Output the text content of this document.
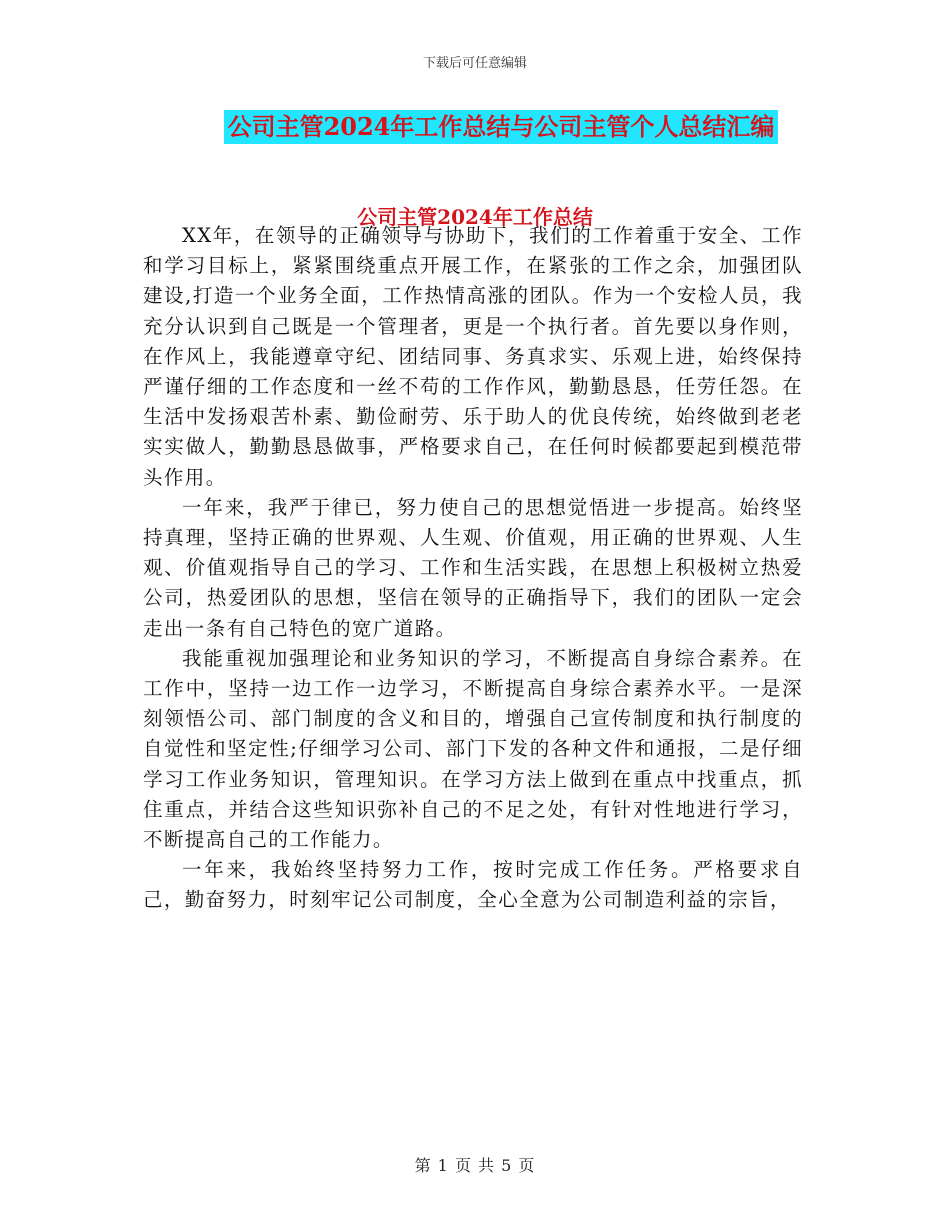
下载后可任意编辑
公司主管2024年工作总结与公司主管个人总结汇编
公司主管2024年工作总结

XX年，在领导的正确领导与协助下，我们的工作着重于安全、工作和学习目标上，紧紧围绕重点开展工作，在紧张的工作之余，加强团队建设,打造一个业务全面，工作热情高涨的团队。作为一个安检人员，我充分认识到自己既是一个管理者，更是一个执行者。首先要以身作则，在作风上，我能遵章守纪、团结同事、务真求实、乐观上进，始终保持严谨仔细的工作态度和一丝不苟的工作作风，勤勤恳恳，任劳任怨。在生活中发扬艰苦朴素、勤俭耐劳、乐于助人的优良传统，始终做到老老实实做人，勤勤恳恳做事，严格要求自己，在任何时候都要起到模范带头作用。

一年来，我严于律已，努力使自己的思想觉悟进一步提高。始终坚持真理，坚持正确的世界观、人生观、价值观，用正确的世界观、人生观、价值观指导自己的学习、工作和生活实践，在思想上积极树立热爱公司，热爱团队的思想，坚信在领导的正确指导下，我们的团队一定会走出一条有自己特色的宽广道路。

我能重视加强理论和业务知识的学习，不断提高自身综合素养。在工作中，坚持一边工作一边学习，不断提高自身综合素养水平。一是深刻领悟公司、部门制度的含义和目的，增强自己宣传制度和执行制度的自觉性和坚定性;仔细学习公司、部门下发的各种文件和通报，二是仔细学习工作业务知识，管理知识。在学习方法上做到在重点中找重点，抓住重点，并结合这些知识弥补自己的不足之处，有针对性地进行学习，不断提高自己的工作能力。

一年来，我始终坚持努力工作，按时完成工作任务。严格要求自己，勤奋努力，时刻牢记公司制度，全心全意为公司制造利益的宗旨，

第 1 页 共 5 页
